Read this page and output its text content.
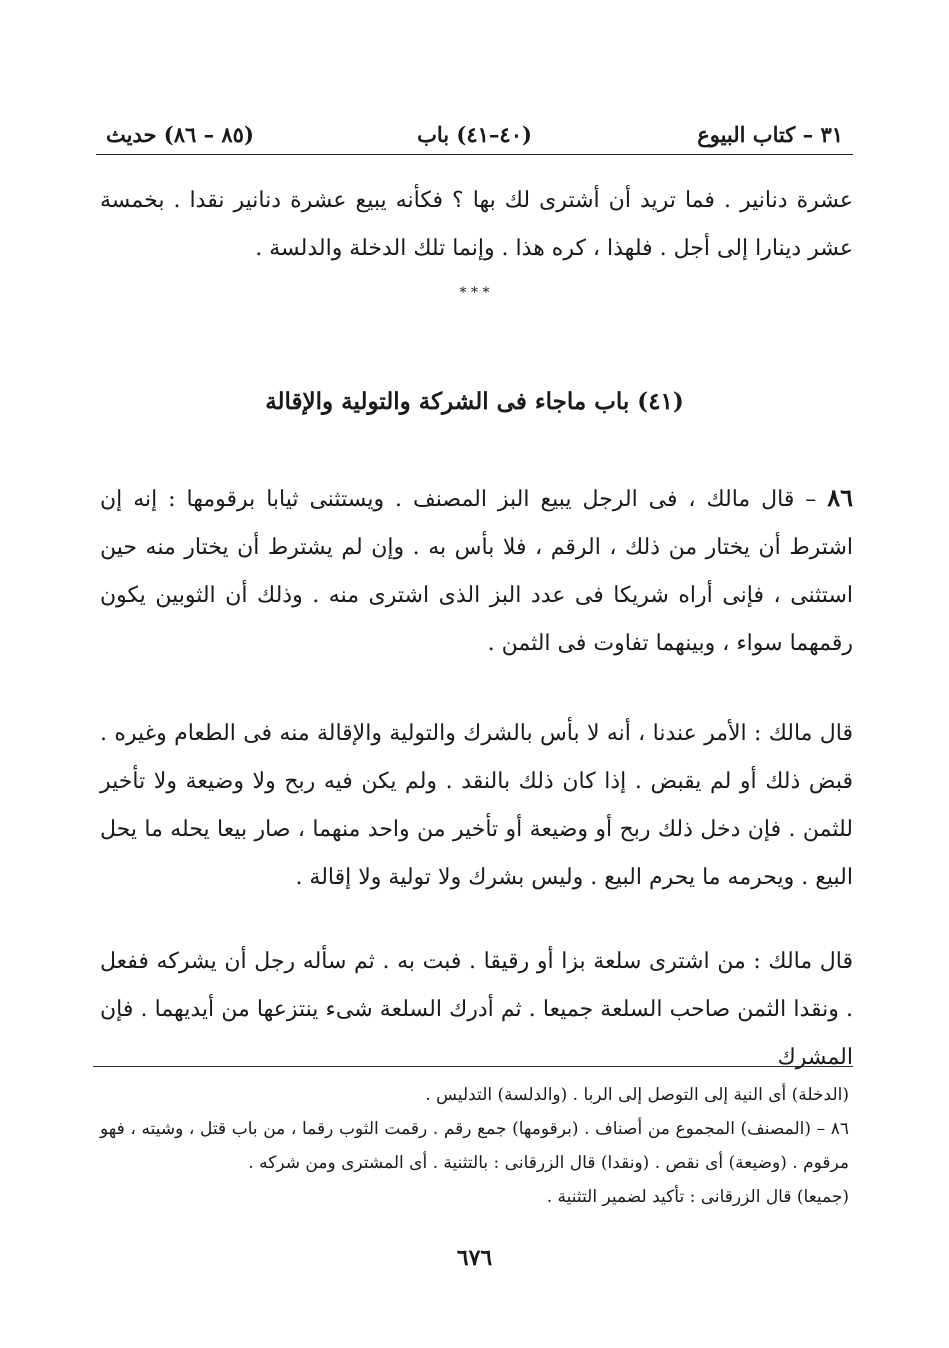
٣١ – كتاب البيوع
(٤٠–٤١) باب
(٨٥ – ٨٦) حديث
عشرة دنانير . فما تريد أن أشترى لك بها ؟ فكأنه يبيع عشرة دنانير نقدا . بخمسة عشر دينارا إلى أجل . فلهذا ، كره هذا . وإنما تلك الدخلة والدلسة .
* * *
(٤١) باب ماجاء فى الشركة والتولية والإقالة
٨٦ – قال مالك ، فى الرجل يبيع البز المصنف . ويستثنى ثيابا برقومها : إنه إن اشترط أن يختار من ذلك ، الرقم ، فلا بأس به . وإن لم يشترط أن يختار منه حين استثنى ، فإنى أراه شريكا فى عدد البز الذى اشترى منه . وذلك أن الثوبين يكون رقمهما سواء ، وبينهما تفاوت فى الثمن .
قال مالك : الأمر عندنا ، أنه لا بأس بالشرك والتولية والإقالة منه فى الطعام وغيره . قبض ذلك أو لم يقبض . إذا كان ذلك بالنقد . ولم يكن فيه ربح ولا وضيعة ولا تأخير للثمن . فإن دخل ذلك ربح أو وضيعة أو تأخير من واحد منهما ، صار بيعا يحله ما يحل البيع . ويحرمه ما يحرم البيع . وليس بشرك ولا تولية ولا إقالة .
قال مالك : من اشترى سلعة بزا أو رقيقا . فبت به . ثم سأله رجل أن يشركه ففعل . ونقدا الثمن صاحب السلعة جميعا . ثم أدرك السلعة شىء ينتزعها من أيديهما . فإن المشرك

(الدخلة) أى النية إلى التوصل إلى الربا . (والدلسة) التدليس .

٨٦ – (المصنف) المجموع من أصناف . (برقومها) جمع رقم . رقمت الثوب رقما ، من باب قتل ، وشيته ، فهو مرقوم . (وضيعة) أى نقص . (ونقدا) قال الزرقانى : بالتثنية . أى المشترى ومن شركه .

(جميعا) قال الزرقانى : تأكيد لضمير التثنية .

٦٧٦
